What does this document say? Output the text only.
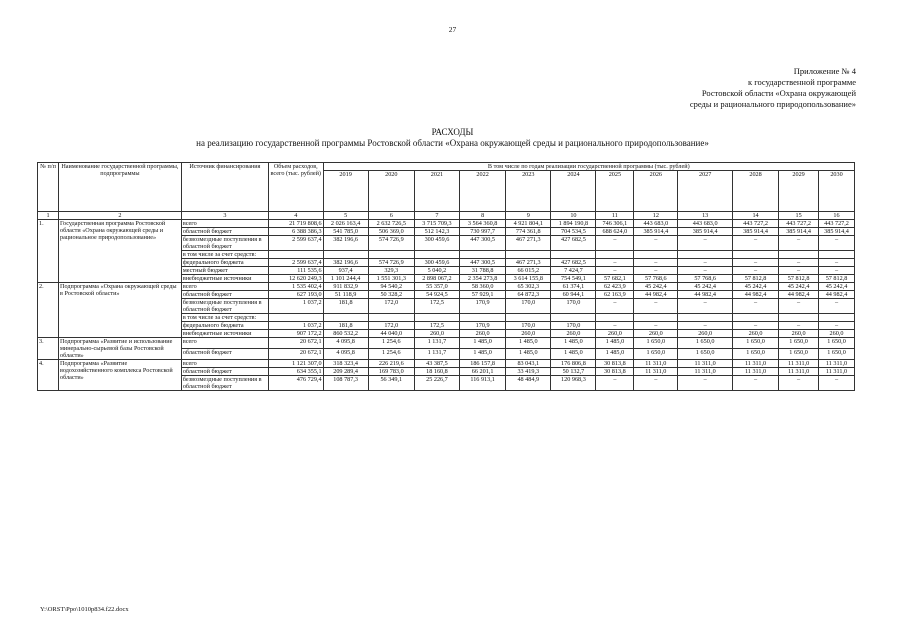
27
Приложение № 4
к государственной программе
Ростовской области «Охрана окружающей
среды и рационального природопользование»
РАСХОДЫ
на реализацию государственной программы Ростовской области «Охрана окружающей среды и рационального природопользование»
№ п/п	Наименование государственной программы, подпрограммы	Источник финансирования	Объем расходов, всего (тыс. рублей)	В том числе по годам реализации государственной программы (тыс. рублей)											
				2019	2020	2021	2022	2023	2024	2025	2026	2027	2028	2029	2030
1	2	3	4	5	6	7	8	9	10	11	12	13	14	15	16
1.	Государственная программа Ростовской области «Охрана окружающей среды и рациональное природопользование»	всего	21 719 808,6	2 026 163,4	2 632 726,5	3 715 709,3	3 564 360,8	4 921 804,1	1 894 190,8	746 306,1	443 683,0	443 683,0	443 727,2	443 727,2	443 727,2
		областной бюджет	6 388 386,3	541 785,0	506 369,0	512 142,3	730 997,7	774 361,8	704 534,5	688 624,0	385 914,4	385 914,4	385 914,4	385 914,4	385 914,4
		безвозмездные поступления в областной бюджет	2 599 637,4	382 196,6	574 726,9	300 459,6	447 300,5	467 271,3	427 682,5	–	–	–	–	–	–
		в том числе за счет средств:													
		федерального бюджета	2 599 637,4	382 196,6	574 726,9	300 459,6	447 300,5	467 271,3	427 682,5	–	–	–	–	–	–
		местный бюджет	111 535,6	937,4	329,3	5 040,2	31 788,8	66 015,2	7 424,7	–	–	–	–	–	–
		внебюджетные источники	12 620 249,3	1 101 244,4	1 551 301,3	2 898 067,2	2 354 273,8	3 614 155,8	754 549,1	57 682,1	57 768,6	57 768,6	57 812,8	57 812,8	57 812,8
2.	Подпрограмма «Охрана окружающей среды в Ростовской области»	всего	1 535 402,4	911 832,9	94 540,2	55 357,0	58 360,0	65 302,3	61 374,1	62 423,9	45 242,4	45 242,4	45 242,4	45 242,4	45 242,4
		областной бюджет	627 193,0	51 118,9	50 328,2	54 924,5	57 929,1	64 872,3	60 944,1	62 163,9	44 982,4	44 982,4	44 982,4	44 982,4	44 982,4
		безвозмездные поступления в областной бюджет	1 037,2	181,8	172,0	172,5	170,9	170,0	170,0	–	–	–	–	–	–
		в том числе за счет средств:													
		федерального бюджета	1 037,2	181,8	172,0	172,5	170,9	170,0	170,0	–	–	–	–	–	–
		внебюджетные источники	907 172,2	860 532,2	44 040,0	260,0	260,0	260,0	260,0	260,0	260,0	260,0	260,0	260,0	260,0
3.	Подпрограмма «Развитие и использование минерально-сырьевой базы Ростовской области»	всего	20 672,1	4 095,8	1 254,6	1 131,7	1 485,0	1 485,0	1 485,0	1 485,0	1 650,0	1 650,0	1 650,0	1 650,0	1 650,0
		областной бюджет	20 672,1	4 095,8	1 254,6	1 131,7	1 485,0	1 485,0	1 485,0	1 485,0	1 650,0	1 650,0	1 650,0	1 650,0	1 650,0
4.	Подпрограмма «Развитие водохозяйственного комплекса Ростовской области»	всего	1 121 307,0	318 323,4	226 219,6	43 387,5	186 157,8	83 043,1	176 806,8	30 813,8	11 311,0	11 311,0	11 311,0	11 311,0	11 311,0
		областной бюджет	634 355,1	209 289,4	169 783,0	18 160,8	66 201,1	33 419,3	50 132,7	30 813,8	11 311,0	11 311,0	11 311,0	11 311,0	11 311,0
		безвозмездные поступления в областной бюджет	476 729,4	108 787,3	56 349,1	25 226,7	116 913,1	48 484,9	120 968,3	–	–	–	–	–	–
Y:\ORST\Ppo\1010p834.f22.docx
